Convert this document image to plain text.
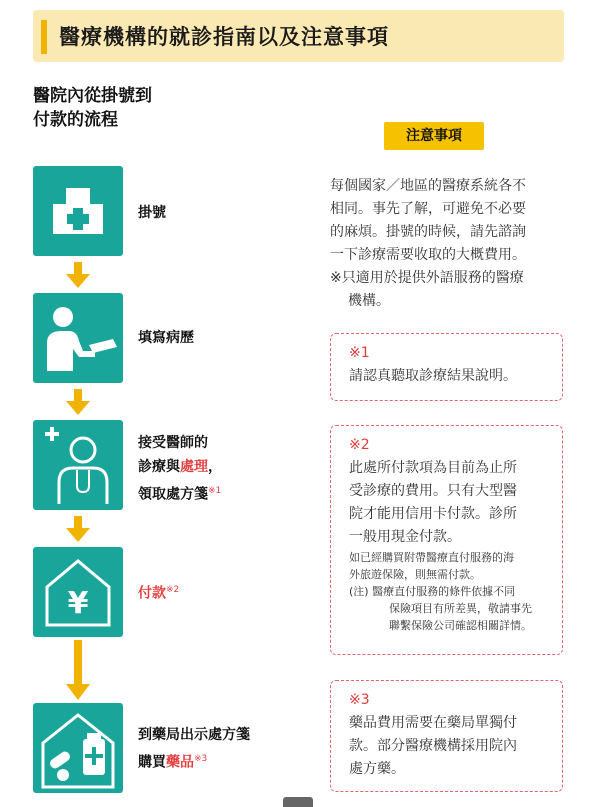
醫療機構的就診指南以及注意事項
醫院內從掛號到
付款的流程
注意事項
掛號
填寫病歷
接受醫師的
診療與處理，
領取處方箋$^{※1}$
¥	付款$^{※2}$
到藥局出示處方箋
購買藥品$^{※3}$
每個國家／地區的醫療系統各不
相同。事先了解，可避免不必要
的麻煩。掛號的時候，請先諮詢
一下診療需要收取的大概費用。
※只適用於提供外語服務的醫療
機構。
※1
請認真聽取診療結果說明。
※2
此處所付款項為目前為止所
受診療的費用。只有大型醫
院才能用信用卡付款。診所
一般用現金付款。
如已經購買附帶醫療直付服務的海
外旅遊保險，則無需付款。
(注) 醫療直付服務的條件依據不同
保險項目有所差異，敬請事先
聯繫保險公司確認相關詳情。
※3
藥品費用需要在藥局單獨付
款。部分醫療機構採用院內
處方藥。
